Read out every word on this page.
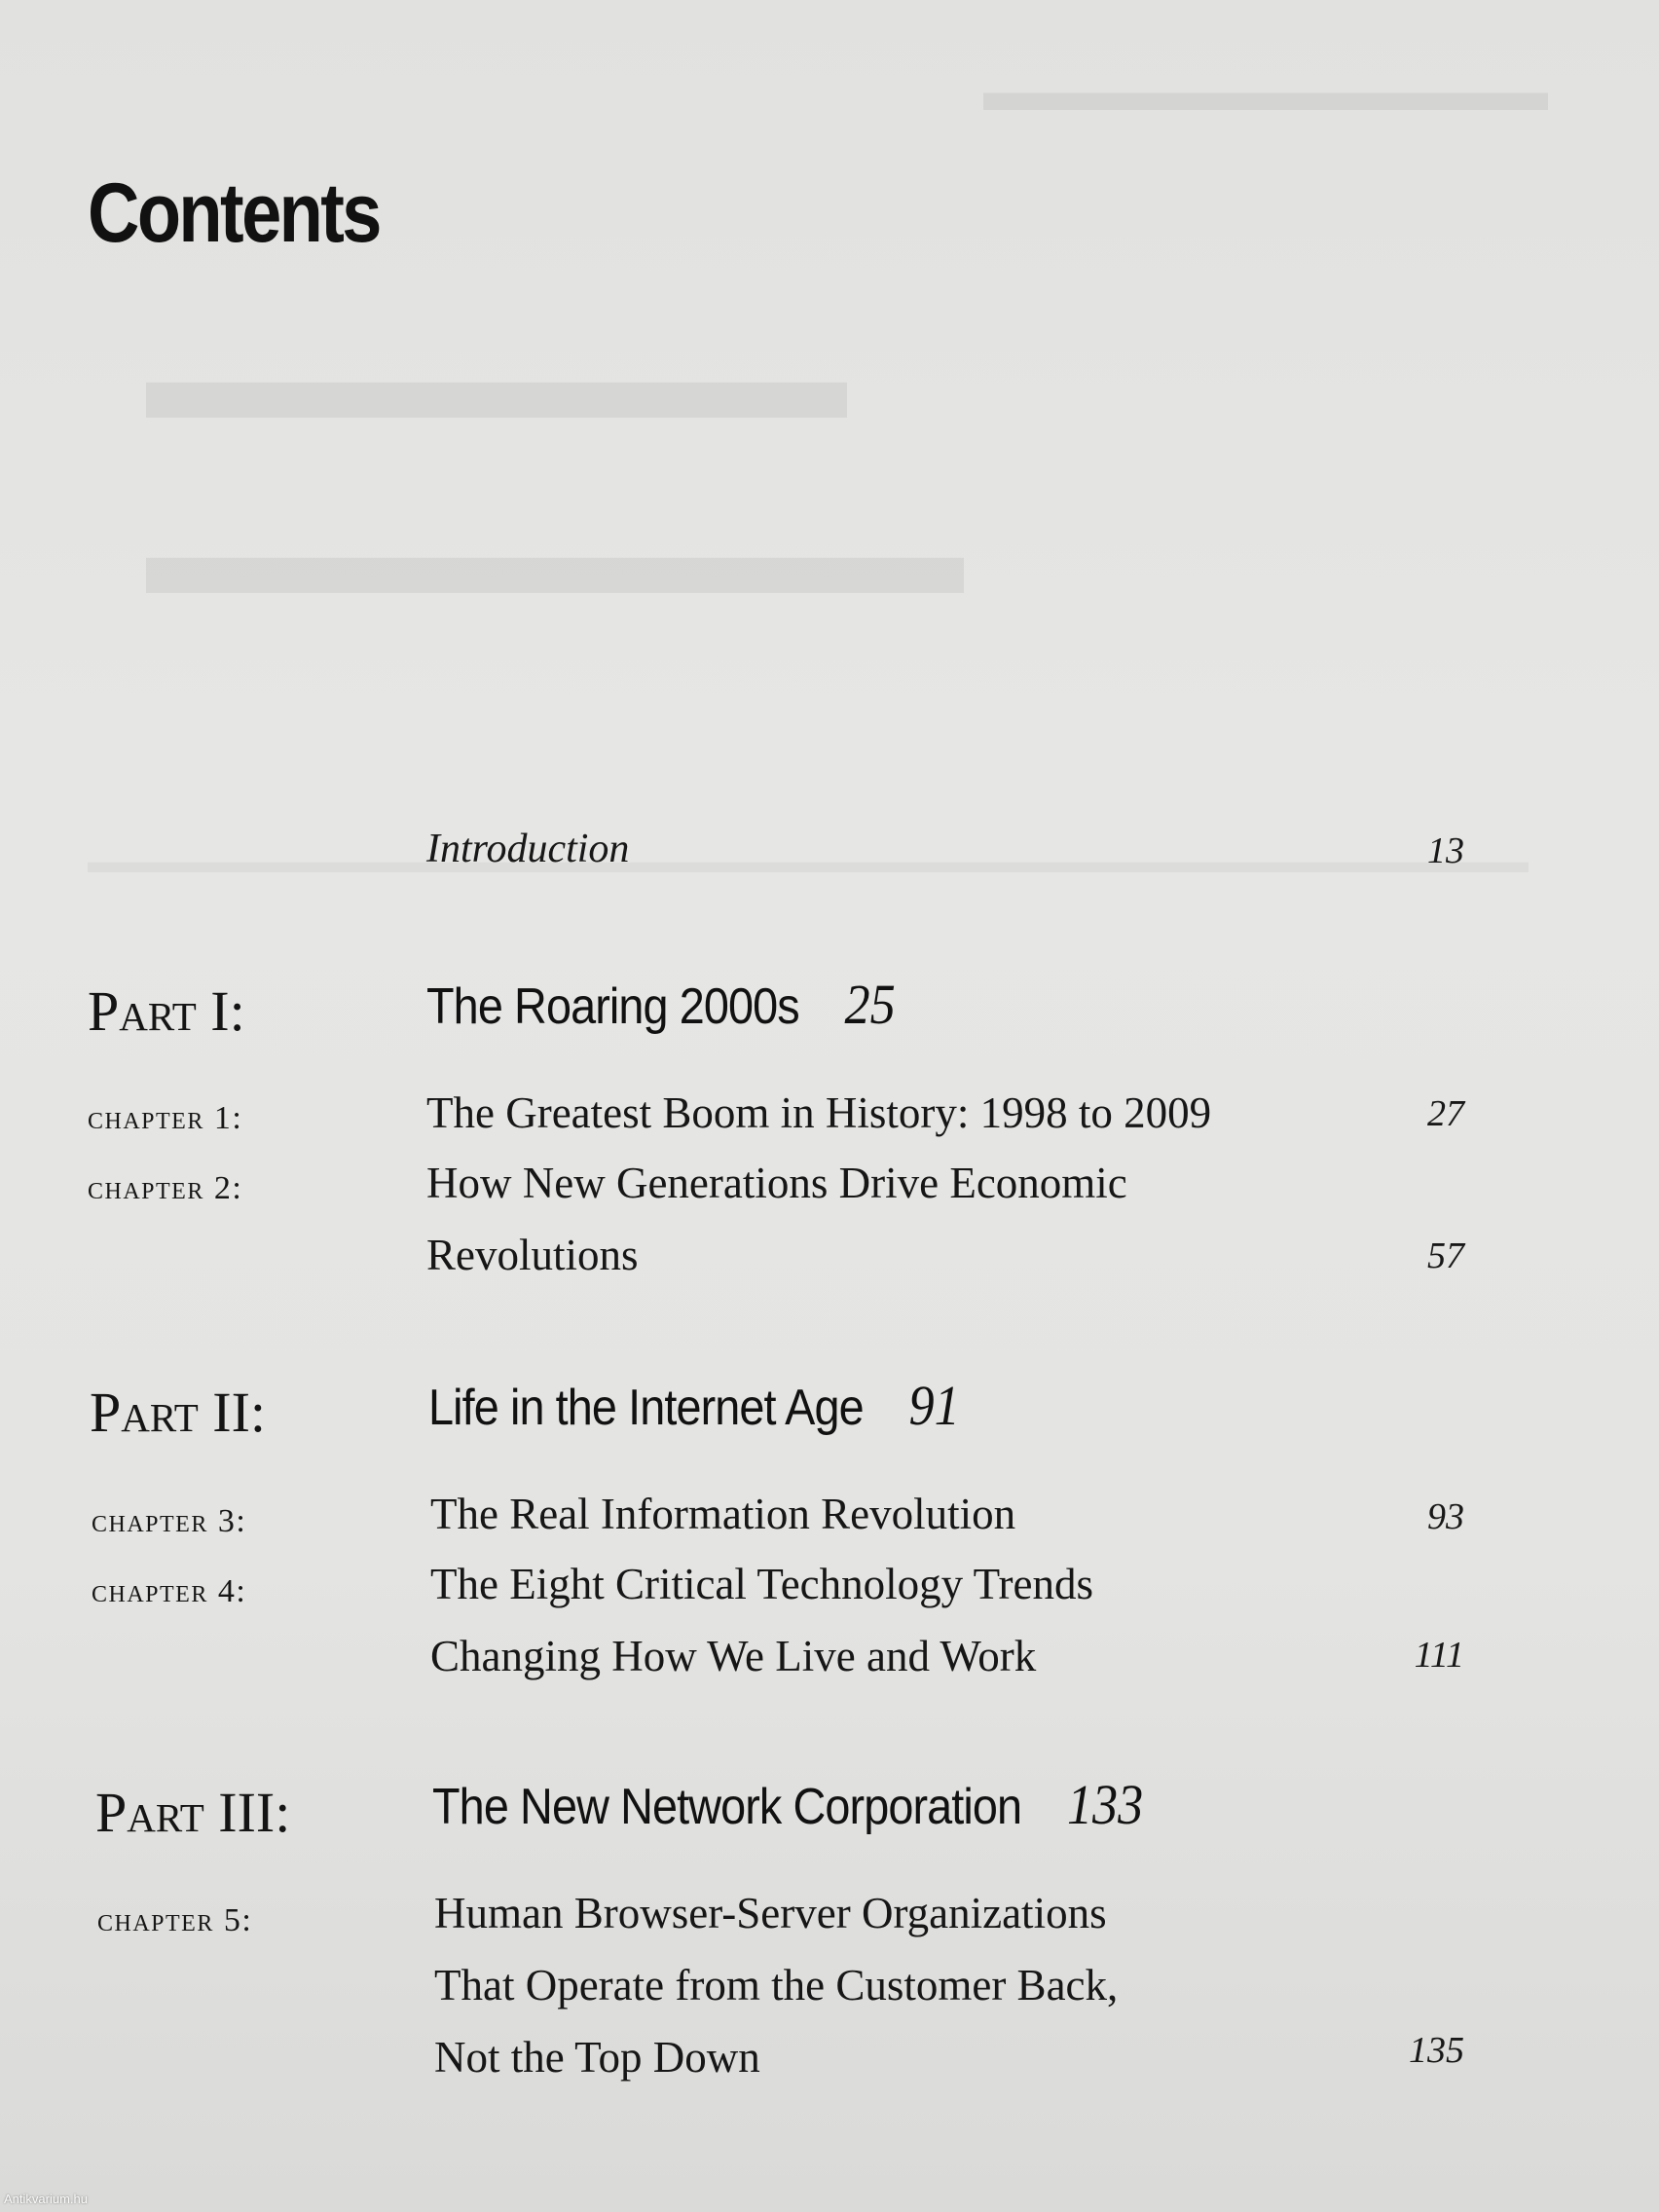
▬▬▬▬▬▬▬▬▬▬
▬▬▬▬▬▬
▬▬▬▬▬▬▬
Contents
Introduction	13
Part I:	The Roaring 2000s 25
chapter 1:	The Greatest Boom in History: 1998 to 2009	27
chapter 2:	How New Generations Drive Economic
Revolutions	57
Part II:	Life in the Internet Age 91
chapter 3:	The Real Information Revolution	93
chapter 4:	The Eight Critical Technology Trends
Changing How We Live and Work	111
Part III:	The New Network Corporation 133
chapter 5:	Human Browser-Server Organizations
That Operate from the Customer Back,
Not the Top Down	135
Antikvarium.hu
